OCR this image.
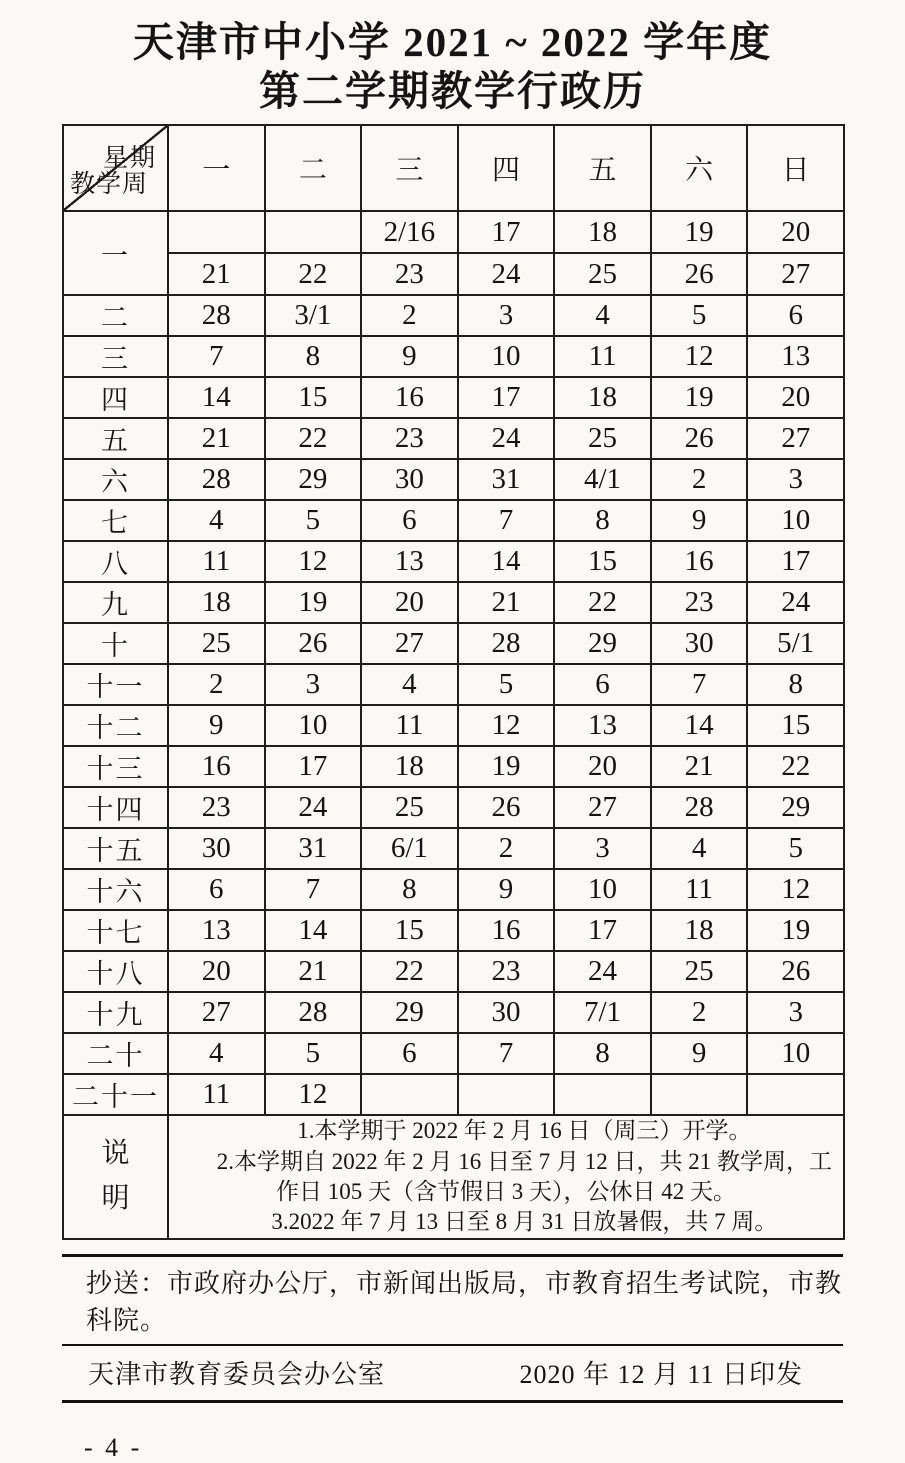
天津市中小学 2021 ~ 2022 学年度
第二学期教学行政历
星期
教学周	一	二	三	四	五	六	日
一			2/16	17	18	19	20
	21	22	23	24	25	26	27
二	28	3/1	2	3	4	5	6
三	7	8	9	10	11	12	13
四	14	15	16	17	18	19	20
五	21	22	23	24	25	26	27
六	28	29	30	31	4/1	2	3
七	4	5	6	7	8	9	10
八	11	12	13	14	15	16	17
九	18	19	20	21	22	23	24
十	25	26	27	28	29	30	5/1
十一	2	3	4	5	6	7	8
十二	9	10	11	12	13	14	15
十三	16	17	18	19	20	21	22
十四	23	24	25	26	27	28	29
十五	30	31	6/1	2	3	4	5
十六	6	7	8	9	10	11	12
十七	13	14	15	16	17	18	19
十八	20	21	22	23	24	25	26
十九	27	28	29	30	7/1	2	3
二十	4	5	6	7	8	9	10
二十一	11	12					

说
明

1.本学期于 2022 年 2 月 16 日（周三）开学。

2.本学期自 2022 年 2 月 16 日至 7 月 12 日，共 21 教学周，工作日 105 天（含节假日 3 天），公休日 42 天。

3.2022 年 7 月 13 日至 8 月 31 日放暑假，共 7 周。

抄送：市政府办公厅，市新闻出版局，市教育招生考试院，市教科院。
天津市教育委员会办公室	2020 年 12 月 11 日印发
- 4 -
